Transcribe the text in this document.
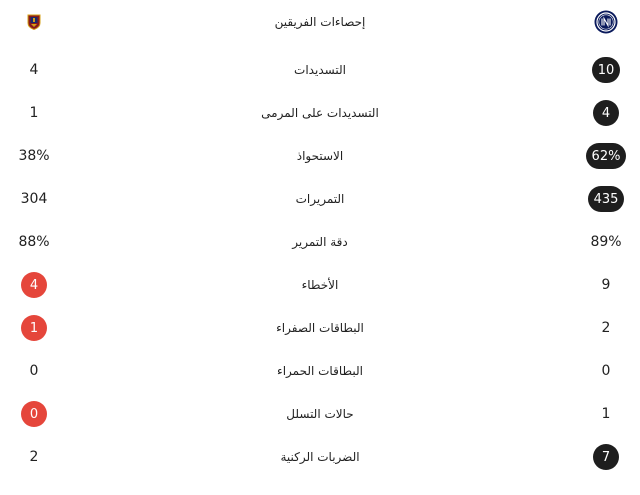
إحصاءات الفريقين
4	التسديدات	10
1	التسديدات على المرمى	4
38%	الاستحواذ	62%
304	التمريرات	435
88%	دقة التمرير	89%
4	الأخطاء	9
1	البطاقات الصفراء	2
0	البطاقات الحمراء	0
0	حالات التسلل	1
2	الضربات الركنية	7
